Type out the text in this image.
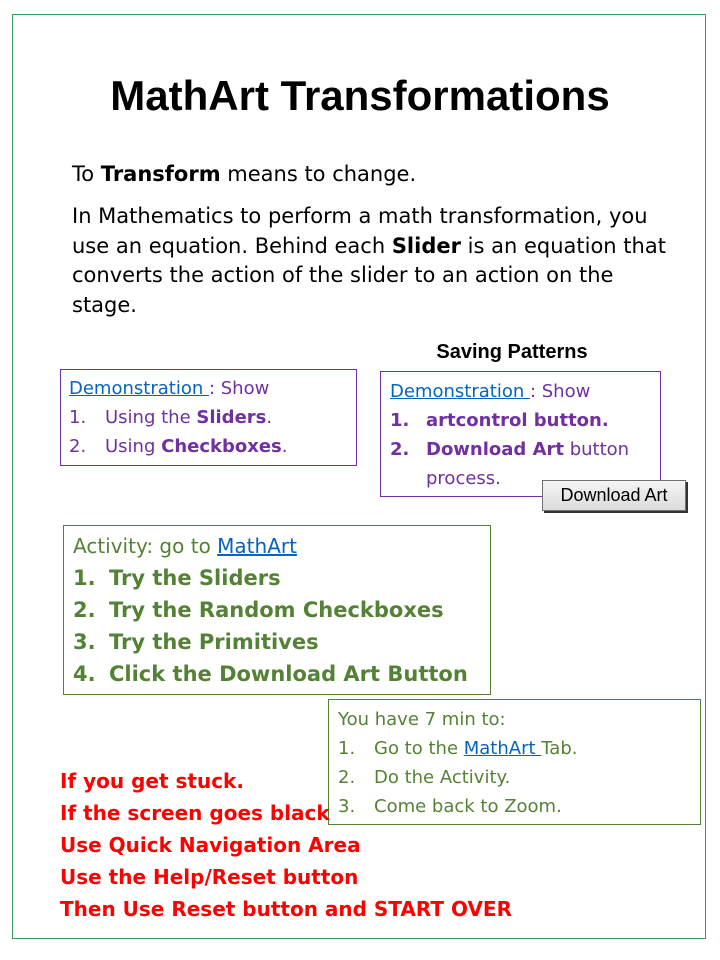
MathArt Transformations

To Transform means to change.

In Mathematics to perform a math transformation, you use an equation. Behind each Slider is an equation that converts the action of the slider to an action on the stage.

Demonstration : Show
1.	Using the Sliders.
2.	Using Checkboxes.
Saving Patterns
Demonstration : Show
1. artcontrol button.
2. Download Art button process.
Download Art
Activity: go to MathArt
1. Try the Sliders
2. Try the Random Checkboxes
3. Try the Primitives
4. Click the Download Art Button
You have 7 min to:
1.	Go to the MathArt Tab.
2.	Do the Activity.
3.	Come back to Zoom.
If you get stuck.
If the screen goes black
Use Quick Navigation Area
Use the Help/Reset button
Then Use Reset button and START OVER
